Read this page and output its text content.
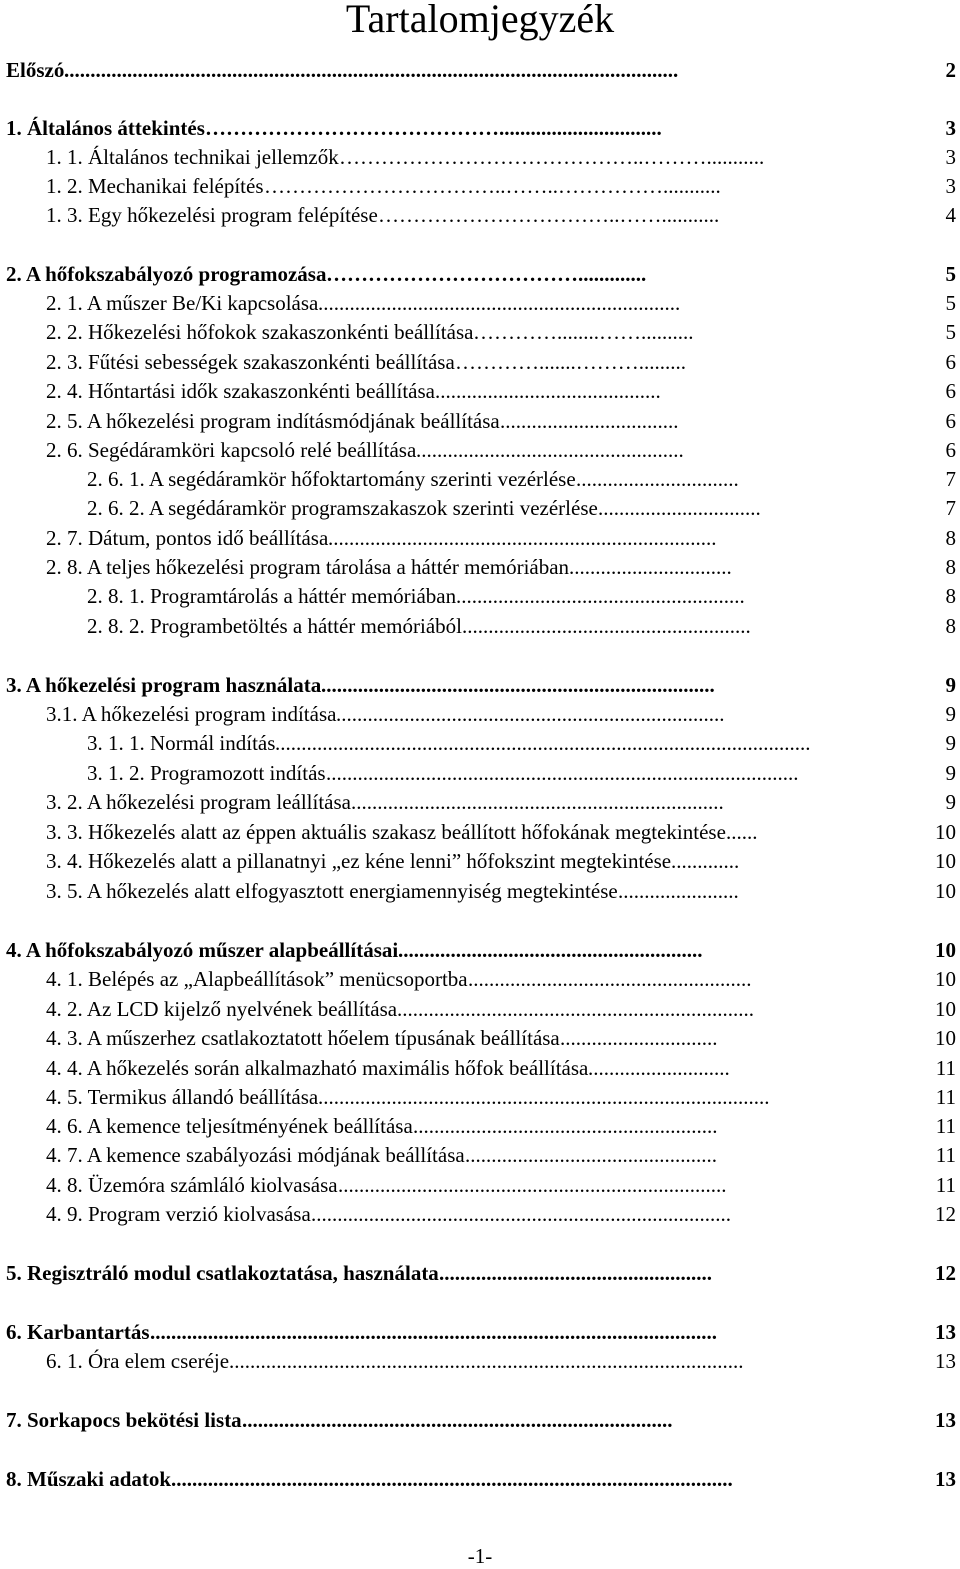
Tartalomjegyzék
Előszó .....................................................................................................................	2
1. Általános áttekintés ……………………………………...............................	3
1. 1. Általános technikai jellemzők ……………………………………..………...........	3
1. 2. Mechanikai felépítés ……………………………..……..……………...........	3
1. 3. Egy hőkezelési program felépítése ……………………………..……...........	4
2. A hőfokszabályozó programozása ……………………………….............	5
2. 1. A műszer Be/Ki kapcsolása .....................................................................	5
2. 2. Hőkezelési hőfokok szakaszonkénti beállítása …………........……..........	5
2. 3. Fűtési sebességek szakaszonkénti beállítása ………….......……….........	6
2. 4. Hőntartási idők szakaszonkénti beállítása ...........................................	6
2. 5. A hőkezelési program indításmódjának beállítása ..................................	6
2. 6. Segédáramköri kapcsoló relé beállítása ...................................................	6
2. 6. 1. A segédáramkör hőfoktartomány szerinti vezérlése ...............................	7
2. 6. 2. A segédáramkör programszakaszok szerinti vezérlése ...............................	7
2. 7. Dátum, pontos idő beállítása ..........................................................................	8
2. 8. A teljes hőkezelési program tárolása a háttér memóriában ...............................	8
2. 8. 1. Programtárolás a háttér memóriában .......................................................	8
2. 8. 2. Programbetöltés a háttér memóriából .......................................................	8
3. A hőkezelési program használata ...........................................................................	9
3.1. A hőkezelési program indítása ..........................................................................	9
3. 1. 1. Normál indítás ......................................................................................................	9
3. 1. 2. Programozott indítás ..........................................................................................	9
3. 2. A hőkezelési program leállítása .......................................................................	9
3. 3. Hőkezelés alatt az éppen aktuális szakasz beállított hőfokának megtekintése ......	10
3. 4. Hőkezelés alatt a pillanatnyi „ez kéne lenni” hőfokszint megtekintése .............	10
3. 5. A hőkezelés alatt elfogyasztott energiamennyiség megtekintése .......................	10
4. A hőfokszabályozó műszer alapbeállításai ..........................................................	10
4. 1. Belépés az „Alapbeállítások” menücsoportba ......................................................	10
4. 2. Az LCD kijelző nyelvének beállítása ....................................................................	10
4. 3. A műszerhez csatlakoztatott hőelem típusának beállítása ..............................	10
4. 4. A hőkezelés során alkalmazható maximális hőfok beállítása ...........................	11
4. 5. Termikus állandó beállítása ......................................................................................	11
4. 6. A kemence teljesítményének beállítása ..........................................................	11
4. 7. A kemence szabályozási módjának beállítása ................................................	11
4. 8. Üzemóra számláló kiolvasása ..........................................................................	11
4. 9. Program verzió kiolvasása ................................................................................	12
5. Regisztráló modul csatlakoztatása, használata ....................................................	12
6. Karbantartás ............................................................................................................	13
6. 1. Óra elem cseréje ..................................................................................................	13
7. Sorkapocs bekötési lista ..................................................................................	13
8. Műszaki adatok ...........................................................................................................	13
-1-
